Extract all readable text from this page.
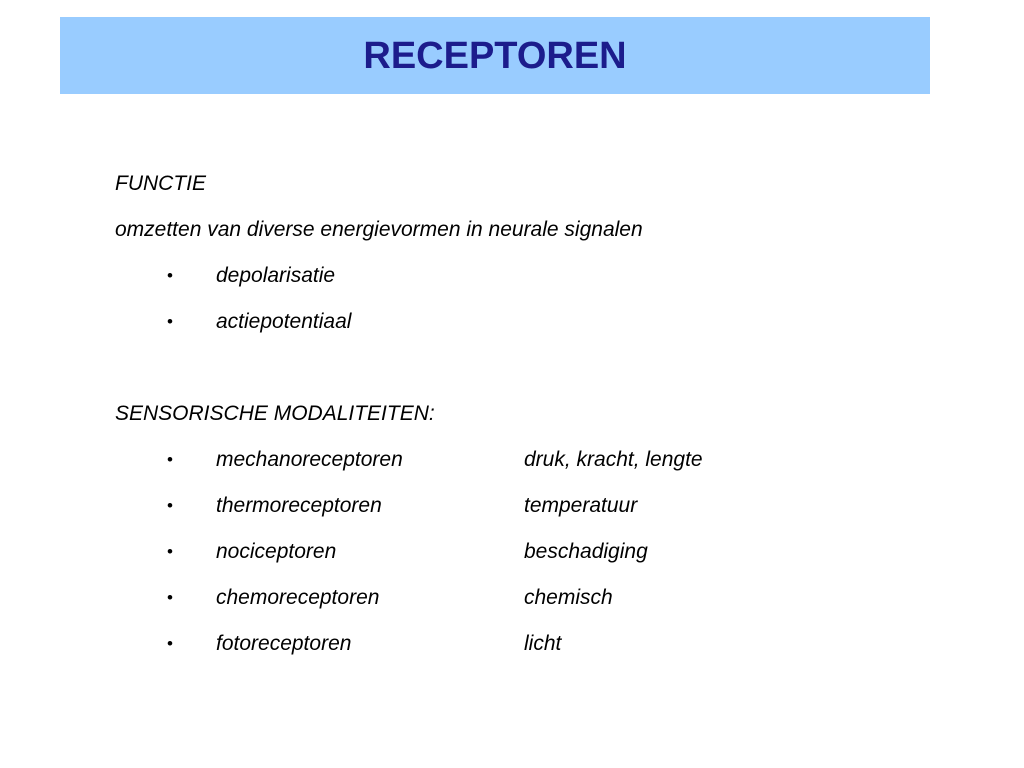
RECEPTOREN
FUNCTIE
omzetten van diverse energievormen in neurale signalen
• depolarisatie
• actiepotentiaal
SENSORISCHE MODALITEITEN:
• mechanoreceptoren	druk, kracht, lengte
• thermoreceptoren	temperatuur
• nociceptoren	beschadiging
• chemoreceptoren	chemisch
• fotoreceptoren	licht
